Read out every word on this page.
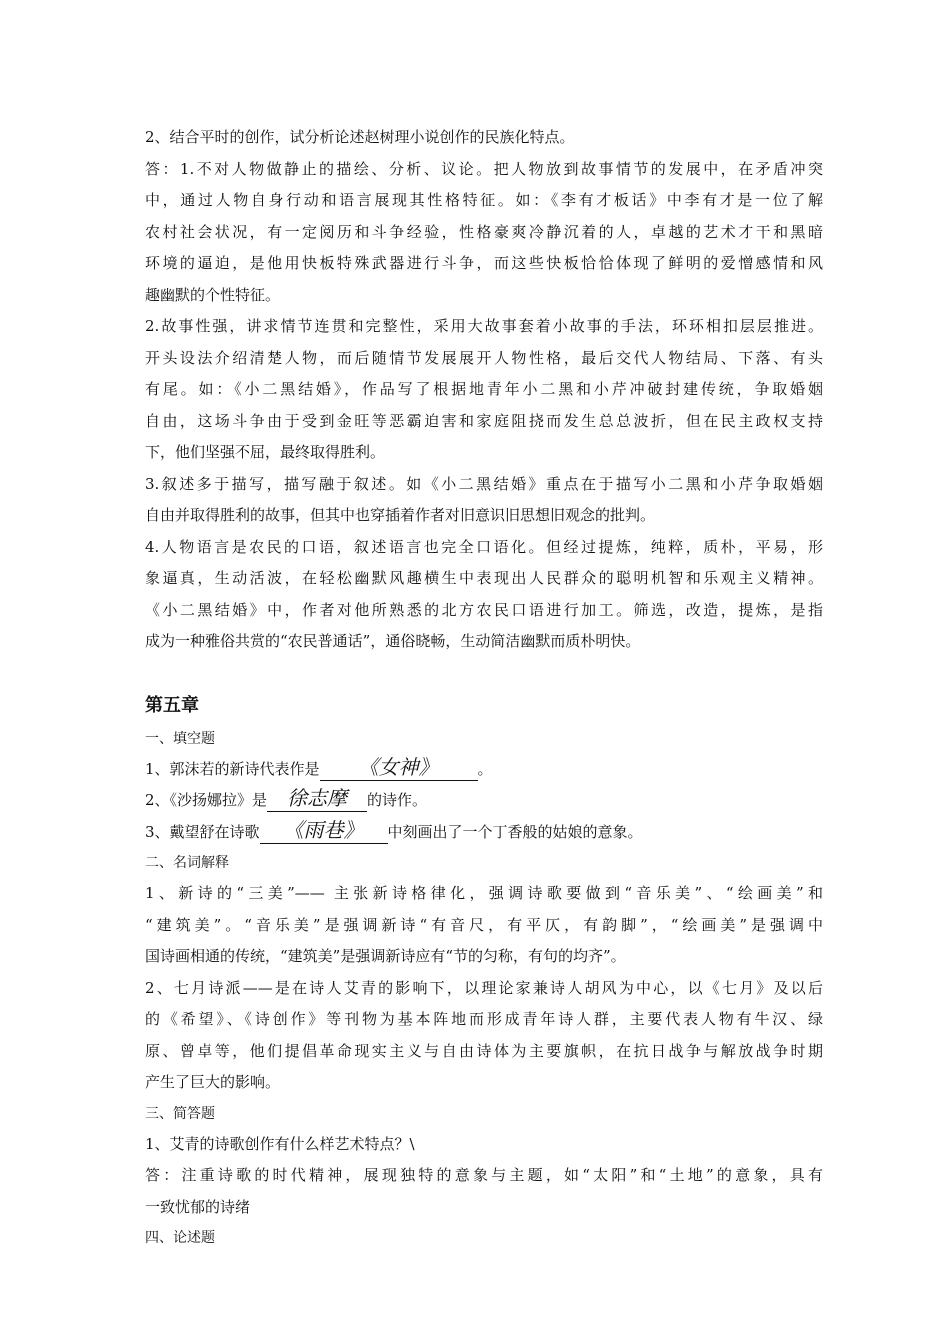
2、结合平时的创作，试分析论述赵树理小说创作的民族化特点。
答：1.不对人物做静止的描绘、分析、议论。把人物放到故事情节的发展中，在矛盾冲突
中，通过人物自身行动和语言展现其性格特征。如：《李有才板话》中李有才是一位了解
农村社会状况，有一定阅历和斗争经验，性格豪爽冷静沉着的人，卓越的艺术才干和黑暗
环境的逼迫，是他用快板特殊武器进行斗争，而这些快板恰恰体现了鲜明的爱憎感情和风
趣幽默的个性特征。
2.故事性强，讲求情节连贯和完整性，采用大故事套着小故事的手法，环环相扣层层推进。
开头设法介绍清楚人物，而后随情节发展展开人物性格，最后交代人物结局、下落、有头
有尾。如：《小二黑结婚》，作品写了根据地青年小二黑和小芹冲破封建传统，争取婚姻
自由，这场斗争由于受到金旺等恶霸迫害和家庭阻挠而发生总总波折，但在民主政权支持
下，他们坚强不屈，最终取得胜利。
3.叙述多于描写，描写融于叙述。如《小二黑结婚》重点在于描写小二黑和小芹争取婚姻
自由并取得胜利的故事，但其中也穿插着作者对旧意识旧思想旧观念的批判。
4.人物语言是农民的口语，叙述语言也完全口语化。但经过提炼，纯粹，质朴，平易，形
象逼真，生动活波，在轻松幽默风趣横生中表现出人民群众的聪明机智和乐观主义精神。
《小二黑结婚》中，作者对他所熟悉的北方农民口语进行加工。筛选，改造，提炼，是指
成为一种雅俗共赏的“农民普通话”，通俗晓畅，生动简洁幽默而质朴明快。
第五章
一、填空题
1、郭沫若的新诗代表作是 《女神》	。
2、《沙扬娜拉》是 徐志摩 的诗作。
3、戴望舒在诗歌 《雨巷》 中刻画出了一个丁香般的姑娘的意象。
二、名词解释
1、新诗的“三美”—— 主张新诗格律化，强调诗歌要做到“音乐美”、“绘画美”和
“建筑美”。“音乐美”是强调新诗“有音尺，有平仄，有韵脚”，“绘画美”是强调中
国诗画相通的传统，“建筑美”是强调新诗应有“节的匀称，有句的均齐”。
2、七月诗派——是在诗人艾青的影响下，以理论家兼诗人胡风为中心，以《七月》及以后
的《希望》、《诗创作》等刊物为基本阵地而形成青年诗人群，主要代表人物有牛汉、绿
原、曾卓等，他们提倡革命现实主义与自由诗体为主要旗帜，在抗日战争与解放战争时期
产生了巨大的影响。
三、简答题
1、艾青的诗歌创作有什么样艺术特点？\
答：注重诗歌的时代精神，展现独特的意象与主题，如“太阳”和“土地”的意象，具有
一致忧郁的诗绪
四、论述题
